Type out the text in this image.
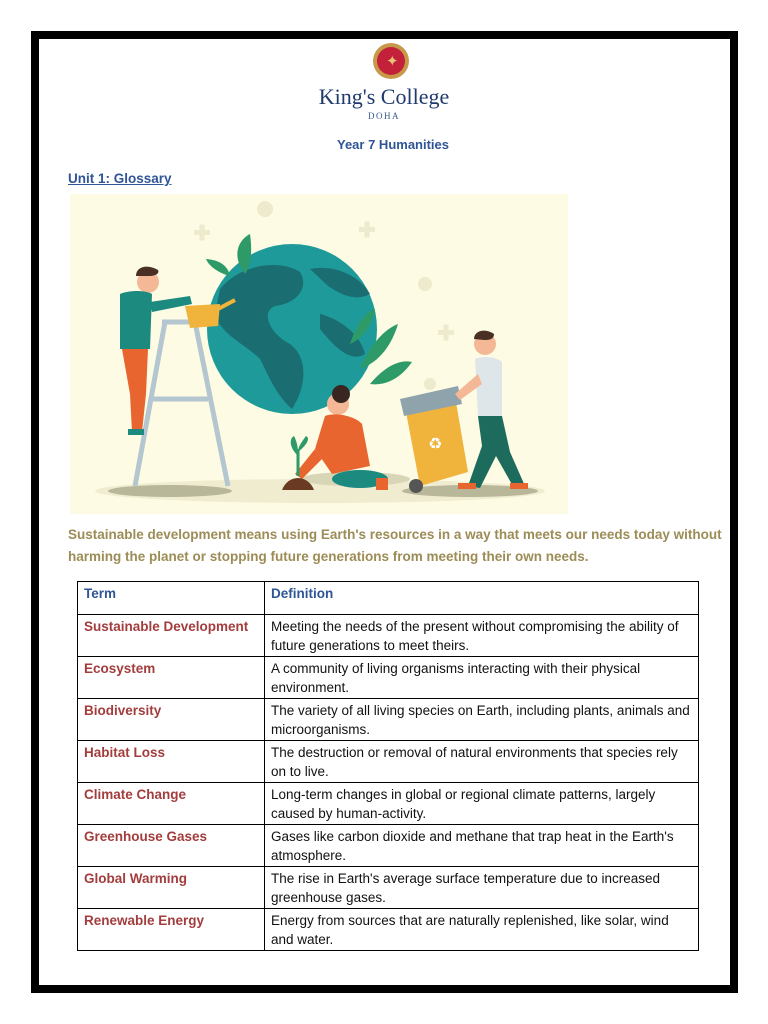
✦
King's College
DOHA
Year 7 Humanities
Unit 1: Glossary
♻
Sustainable development means using Earth's resources in a way that meets our needs today without harming the planet or stopping future generations from meeting their own needs.
Term	Definition
Sustainable Development	Meeting the needs of the present without compromising the ability of future generations to meet theirs.
Ecosystem	A community of living organisms interacting with their physical environment.
Biodiversity	The variety of all living species on Earth, including plants, animals and microorganisms.
Habitat Loss	The destruction or removal of natural environments that species rely on to live.
Climate Change	Long-term changes in global or regional climate patterns, largely caused by human-activity.
Greenhouse Gases	Gases like carbon dioxide and methane that trap heat in the Earth's atmosphere.
Global Warming	The rise in Earth's average surface temperature due to increased greenhouse gases.
Renewable Energy	Energy from sources that are naturally replenished, like solar, wind and water.
